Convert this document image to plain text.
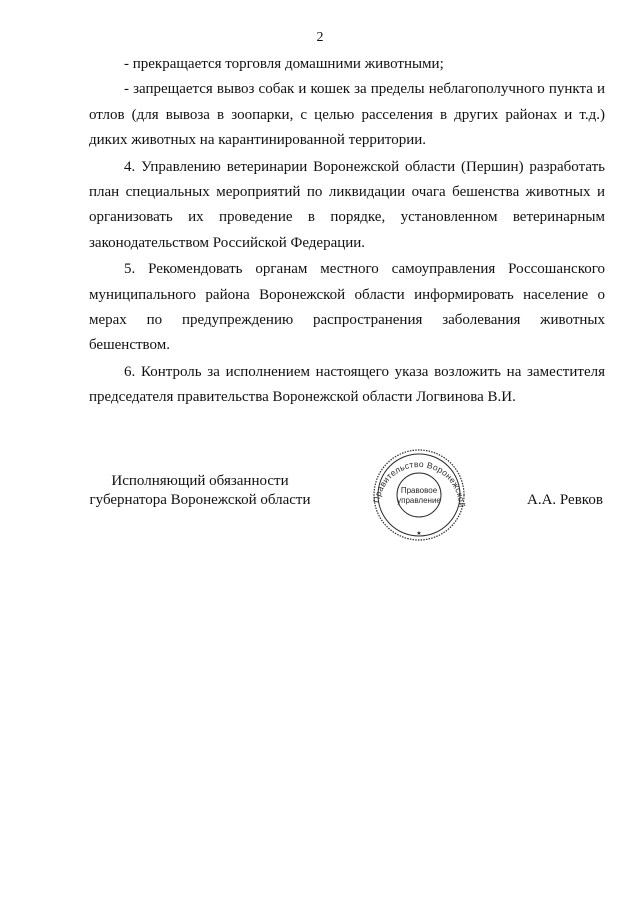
2

- прекращается торговля домашними животными;

- запрещается вывоз собак и кошек за пределы неблагополучного пункта и отлов (для вывоза в зоопарки, с целью расселения в других районах и т.д.) диких животных на карантинированной территории.

4. Управлению ветеринарии Воронежской области (Першин) разработать план специальных мероприятий по ликвидации очага бешенства животных и организовать их проведение в порядке, установленном ветеринарным законодательством Российской Федерации.

5. Рекомендовать органам местного самоуправления Россошанского муниципального района Воронежской области информировать население о мерах по предупреждению распространения заболевания животных бешенством.

6. Контроль за исполнением настоящего указа возложить на заместителя председателя правительства Воронежской области Логвинова В.И.

Исполняющий обязанности
губернатора Воронежской области	Правительство Воронежской
Правовое
управление
★
А.А. Ревков
